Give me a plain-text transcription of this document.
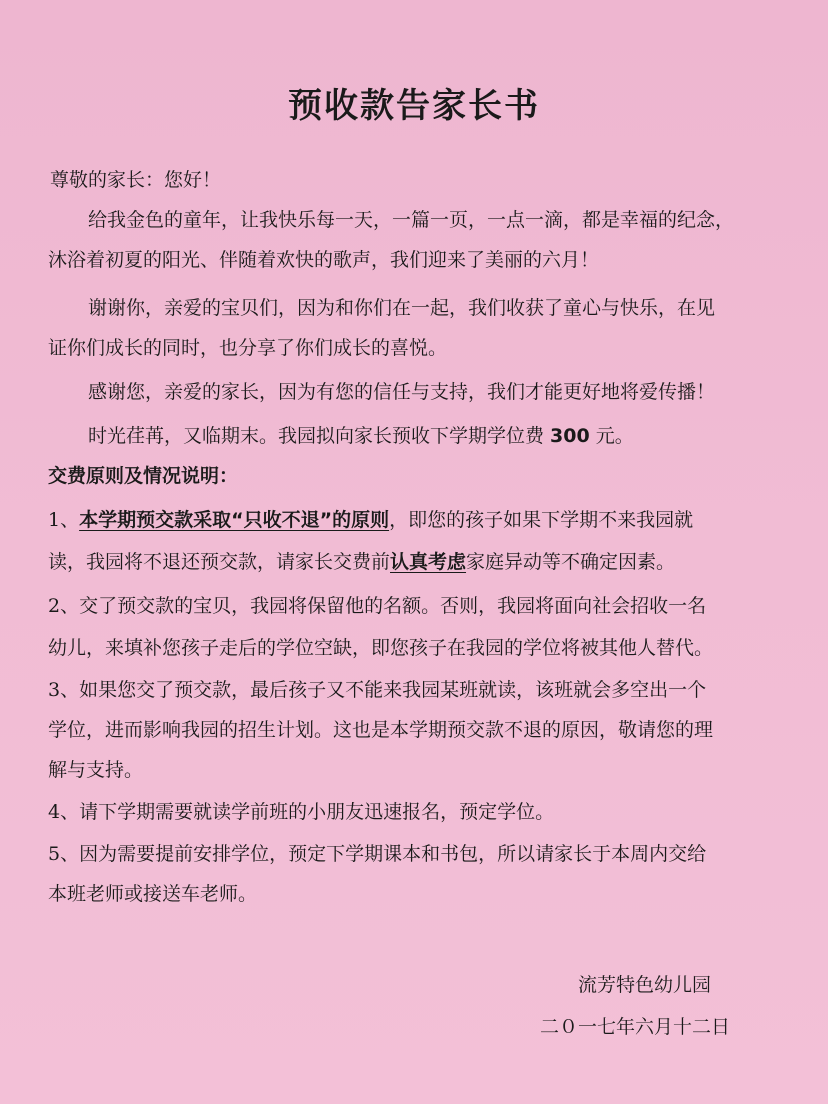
预收款告家长书
尊敬的家长：您好！
给我金色的童年，让我快乐每一天，一篇一页，一点一滴，都是幸福的纪念，
沐浴着初夏的阳光、伴随着欢快的歌声，我们迎来了美丽的六月！
谢谢你，亲爱的宝贝们，因为和你们在一起，我们收获了童心与快乐，在见
证你们成长的同时，也分享了你们成长的喜悦。
感谢您，亲爱的家长，因为有您的信任与支持，我们才能更好地将爱传播！
时光荏苒，又临期末。我园拟向家长预收下学期学位费 300 元。
交费原则及情况说明：
1、本学期预交款采取“只收不退”的原则，即您的孩子如果下学期不来我园就
读，我园将不退还预交款，请家长交费前认真考虑家庭异动等不确定因素。
2、交了预交款的宝贝，我园将保留他的名额。否则，我园将面向社会招收一名
幼儿，来填补您孩子走后的学位空缺，即您孩子在我园的学位将被其他人替代。
3、如果您交了预交款，最后孩子又不能来我园某班就读，该班就会多空出一个
学位，进而影响我园的招生计划。这也是本学期预交款不退的原因，敬请您的理
解与支持。
4、请下学期需要就读学前班的小朋友迅速报名，预定学位。
5、因为需要提前安排学位，预定下学期课本和书包，所以请家长于本周内交给
本班老师或接送车老师。
流芳特色幼儿园
二０一七年六月十二日
